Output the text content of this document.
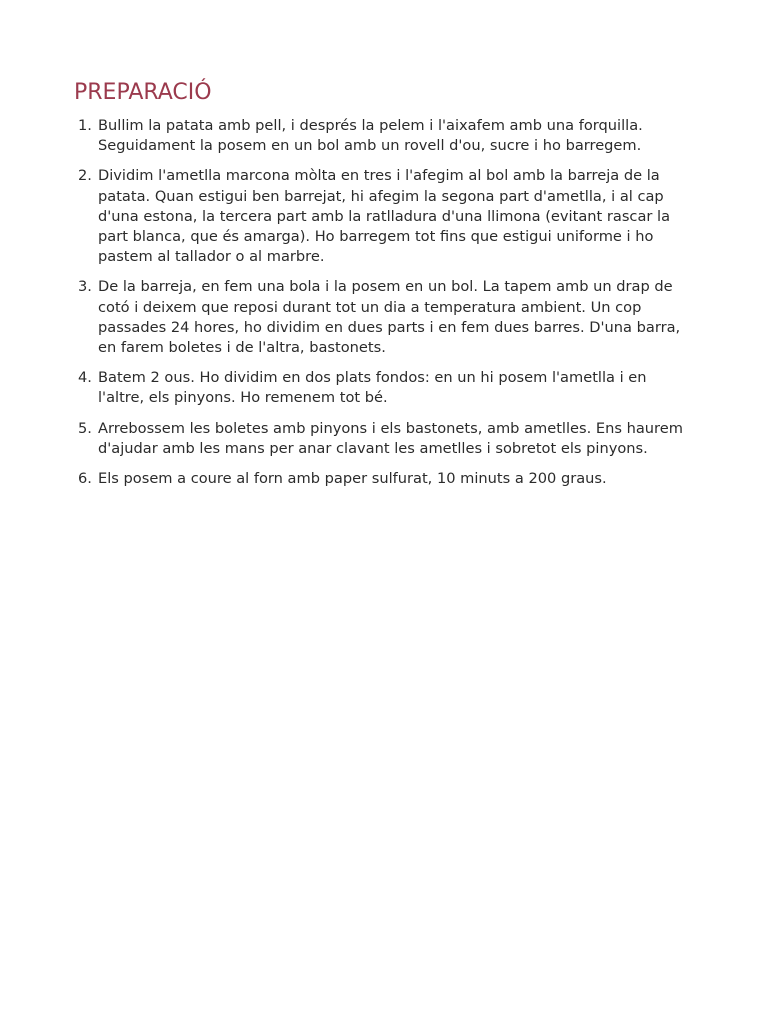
PREPARACIÓ
1. Bullim la patata amb pell, i després la pelem i l'aixafem amb una forquilla. Seguidament la posem en un bol amb un rovell d'ou, sucre i ho barregem.
2. Dividim l'ametlla marcona mòlta en tres i l'afegim al bol amb la barreja de la patata. Quan estigui ben barrejat, hi afegim la segona part d'ametlla, i al cap d'una estona, la tercera part amb la ratlladura d'una llimona (evitant rascar la part blanca, que és amarga). Ho barregem tot fins que estigui uniforme i ho pastem al tallador o al marbre.
3. De la barreja, en fem una bola i la posem en un bol. La tapem amb un drap de cotó i deixem que reposi durant tot un dia a temperatura ambient. Un cop passades 24 hores, ho dividim en dues parts i en fem dues barres. D'una barra, en farem boletes i de l'altra, bastonets.
4. Batem 2 ous. Ho dividim en dos plats fondos: en un hi posem l'ametlla i en l'altre, els pinyons. Ho remenem tot bé.
5. Arrebossem les boletes amb pinyons i els bastonets, amb ametlles. Ens haurem d'ajudar amb les mans per anar clavant les ametlles i sobretot els pinyons.
6. Els posem a coure al forn amb paper sulfurat, 10 minuts a 200 graus.
